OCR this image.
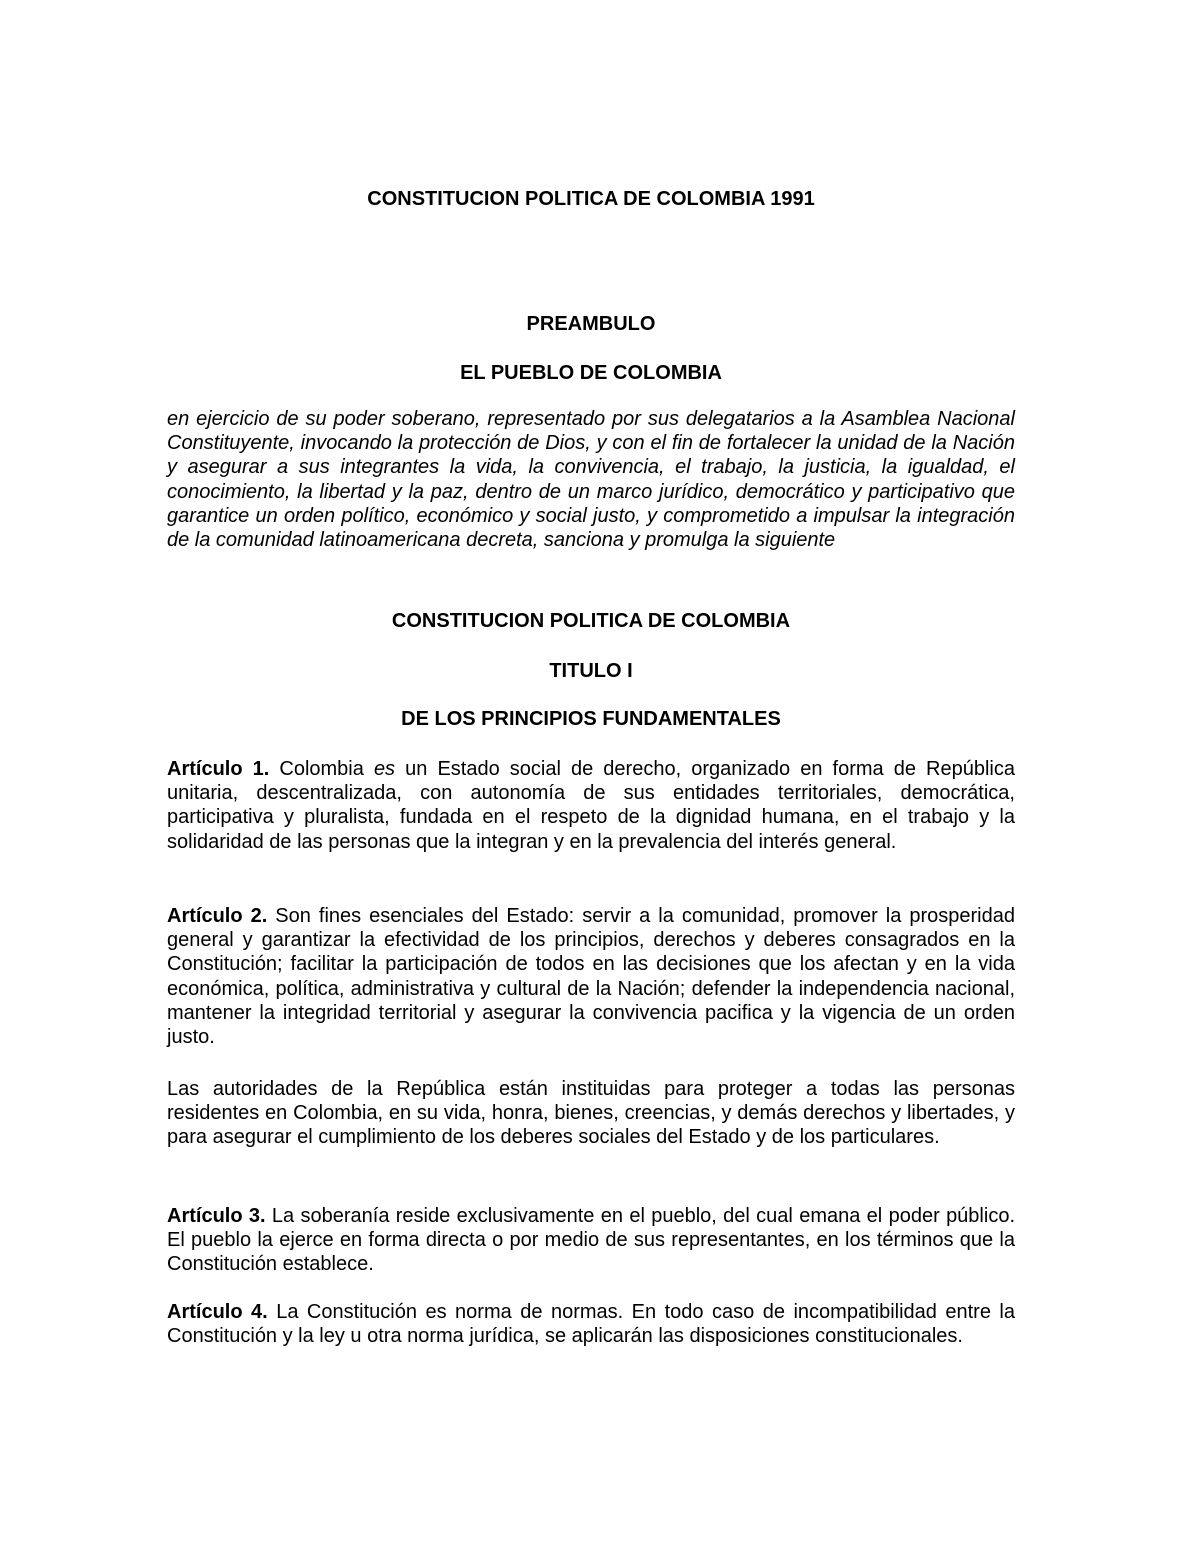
CONSTITUCION POLITICA DE COLOMBIA 1991
PREAMBULO
EL PUEBLO DE COLOMBIA

en ejercicio de su poder soberano, representado por sus delegatarios a la Asamblea Nacional Constituyente, invocando la protección de Dios, y con el fin de fortalecer la unidad de la Nación y asegurar a sus integrantes la vida, la convivencia, el trabajo, la justicia, la igualdad, el conocimiento, la libertad y la paz, dentro de un marco jurídico, democrático y participativo que garantice un orden político, económico y social justo, y comprometido a impulsar la integración de la comunidad latinoamericana decreta, sanciona y promulga la siguiente

CONSTITUCION POLITICA DE COLOMBIA
TITULO I
DE LOS PRINCIPIOS FUNDAMENTALES

Artículo 1. Colombia es un Estado social de derecho, organizado en forma de República unitaria, descentralizada, con autonomía de sus entidades territoriales, democrática, participativa y pluralista, fundada en el respeto de la dignidad humana, en el trabajo y la solidaridad de las personas que la integran y en la prevalencia del interés general.

Artículo 2. Son fines esenciales del Estado: servir a la comunidad, promover la prosperidad general y garantizar la efectividad de los principios, derechos y deberes consagrados en la Constitución; facilitar la participación de todos en las decisiones que los afectan y en la vida económica, política, administrativa y cultural de la Nación; defender la independencia nacional, mantener la integridad territorial y asegurar la convivencia pacifica y la vigencia de un orden justo.

Las autoridades de la República están instituidas para proteger a todas las personas residentes en Colombia, en su vida, honra, bienes, creencias, y demás derechos y libertades, y para asegurar el cumplimiento de los deberes sociales del Estado y de los particulares.

Artículo 3. La soberanía reside exclusivamente en el pueblo, del cual emana el poder público. El pueblo la ejerce en forma directa o por medio de sus representantes, en los términos que la Constitución establece.

Artículo 4. La Constitución es norma de normas. En todo caso de incompatibilidad entre la Constitución y la ley u otra norma jurídica, se aplicarán las disposiciones constitucionales.
